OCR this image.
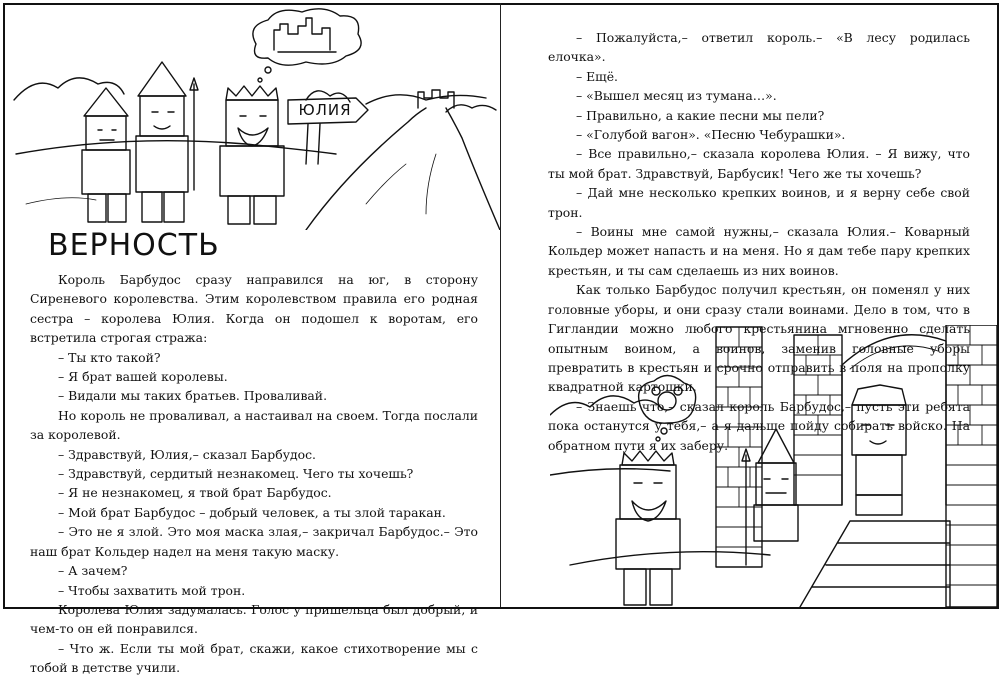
ЮЛИЯ
ВЕРНОСТЬ

Король Барбудос сразу направился на юг, в сторону Сиреневого королевства. Этим королевством правила его родная сестра – королева Юлия. Когда он подошел к воротам, его встретила строгая стража:

– Ты кто такой?

– Я брат вашей королевы.

– Видали мы таких братьев. Проваливай.

Но король не проваливал, а настаивал на своем. Тогда послали за королевой.

– Здравствуй, Юлия,– сказал Барбудос.

– Здравствуй, сердитый незнакомец. Чего ты хочешь?

– Я не незнакомец, я твой брат Барбудос.

– Мой брат Барбудос – добрый человек, а ты злой таракан.

– Это не я злой. Это моя маска злая,– закричал Барбудос.– Это наш брат Кольдер надел на меня такую маску.

– А зачем?

– Чтобы захватить мой трон.

Королева Юлия задумалась. Голос у пришельца был добрый, и чем-то он ей понравился.

– Что ж. Если ты мой брат, скажи, какое стихотворение мы с тобой в детстве учили.

– Пожалуйста,– ответил король.– «В лесу родилась елочка».

– Ещё.

– «Вышел месяц из тумана…».

– Правильно, а какие песни мы пели?

– «Голубой вагон». «Песню Чебурашки».

– Все правильно,– сказала королева Юлия. – Я вижу, что ты мой брат. Здравствуй, Барбусик! Чего же ты хочешь?

– Дай мне несколько крепких воинов, и я верну себе свой трон.

– Воины мне самой нужны,– сказала Юлия.– Коварный Кольдер может напасть и на меня. Но я дам тебе пару крепких крестьян, и ты сам сделаешь из них воинов.

Как только Барбудос получил крестьян, он поменял у них головные уборы, и они сразу стали воинами. Дело в том, что в Гигландии можно любого крестьянина мгновенно сделать опытным воином, а воинов, заменив головные уборы превратить в крестьян и срочно отправить в поля на прополку квадратной картошки.

– Знаешь что,– сказал король Барбудос,– пусть эти ребята пока останутся у тебя,– а я дальше пойду собирать войско. На обратном пути я их заберу.
